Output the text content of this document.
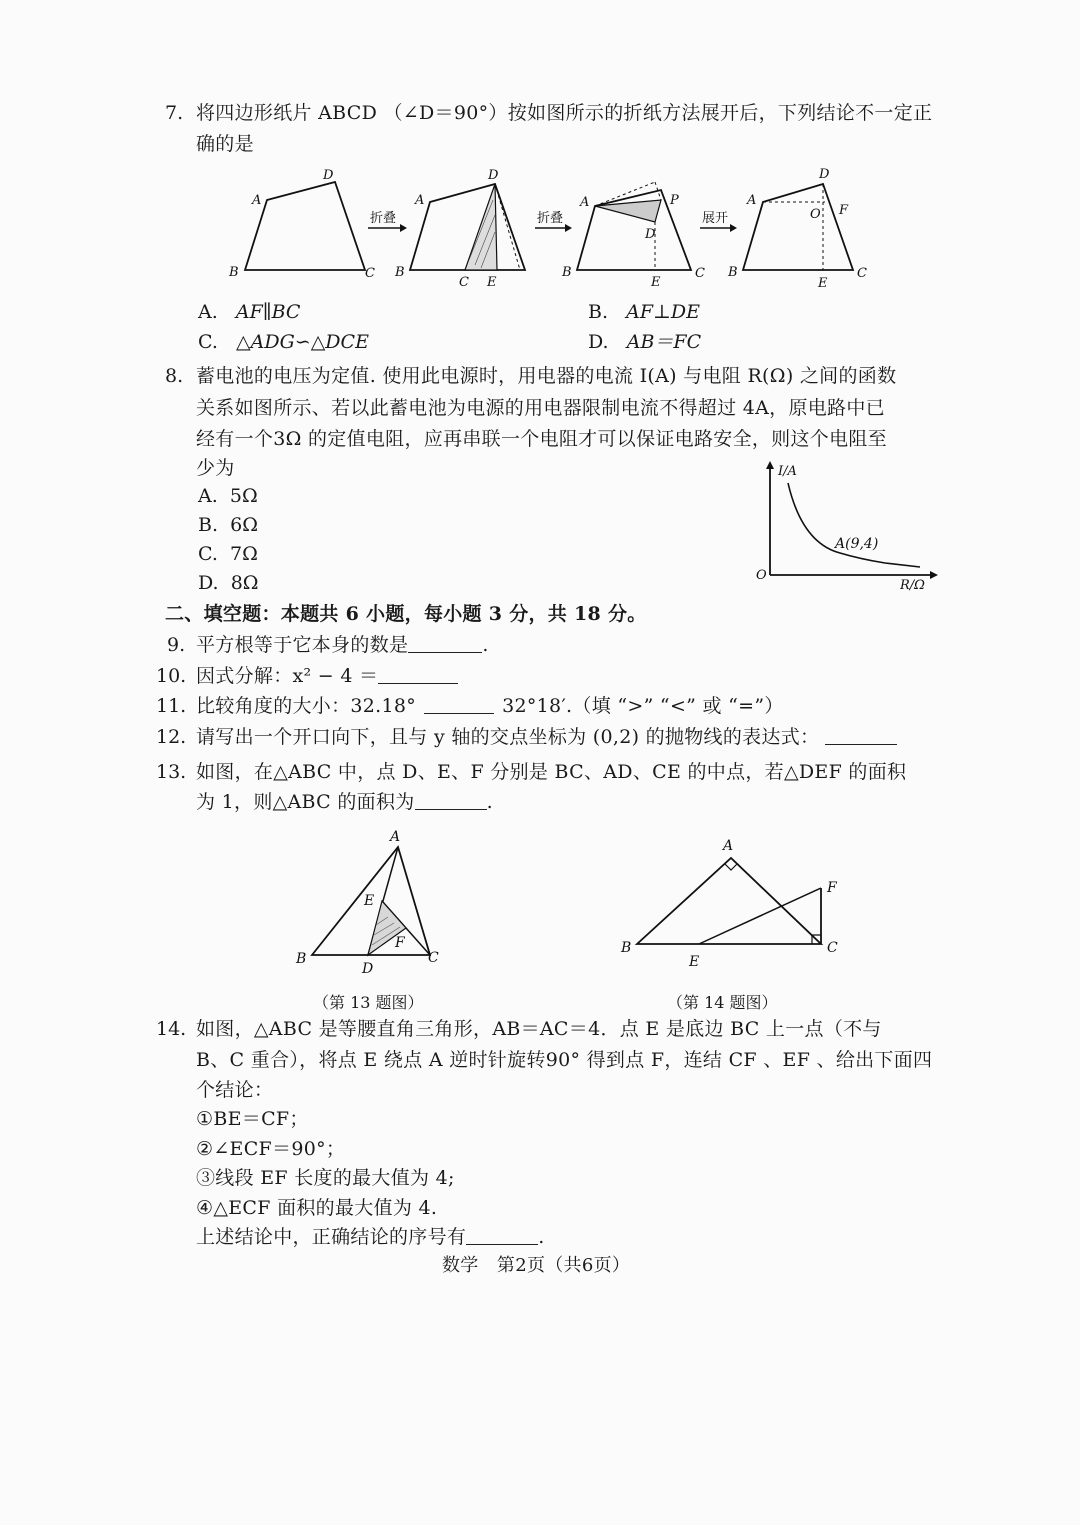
7. 将四边形纸片 ABCD （∠D＝90°）按如图所示的折纸方法展开后，下列结论不一定正
确的是
A
D
B	C
折叠
A
D
B
C E
折叠
A	P
D
B	C
E
展开
A
D
O F
B	C
E
A. AF∥BC	B. AF⊥DE
C. △ADG∽△DCE	D. AB＝FC
8. 蓄电池的电压为定值. 使用此电源时，用电器的电流 I(A) 与电阻 R(Ω) 之间的函数
关系如图所示、若以此蓄电池为电源的用电器限制电流不得超过 4A，原电路中已
经有一个3Ω 的定值电阻，应再串联一个电阻才可以保证电路安全，则这个电阻至
少为
A. 5Ω
B. 6Ω
C. 7Ω
D. 8Ω
I/A
R/Ω
O
A(9,4)
二、填空题：本题共 6 小题，每小题 3 分，共 18 分。
9. 平方根等于它本身的数是	.
10. 因式分解：x² − 4 ＝
11. 比较角度的大小：32.18°	32°18′.（填 “>” “<” 或 “=”）
12. 请写出一个开口向下，且与 y 轴的交点坐标为 (0,2) 的抛物线的表达式：
13. 如图，在△ABC 中，点 D、E、F 分别是 BC、AD、CE 的中点，若△DEF 的面积
为 1，则△ABC 的面积为	.
A
B	C
D
E
F
（第 13 题图）
A
B	C
E
F
（第 14 题图）
14. 如图，△ABC 是等腰直角三角形，AB＝AC＝4．点 E 是底边 BC 上一点（不与
B、C 重合），将点 E 绕点 A 逆时针旋转90° 得到点 F，连结 CF 、EF 、给出下面四
个结论：
①BE＝CF；
②∠ECF＝90°；
③线段 EF 长度的最大值为 4;
④△ECF 面积的最大值为 4.
上述结论中，正确结论的序号有	.
数学　第2页（共6页）
